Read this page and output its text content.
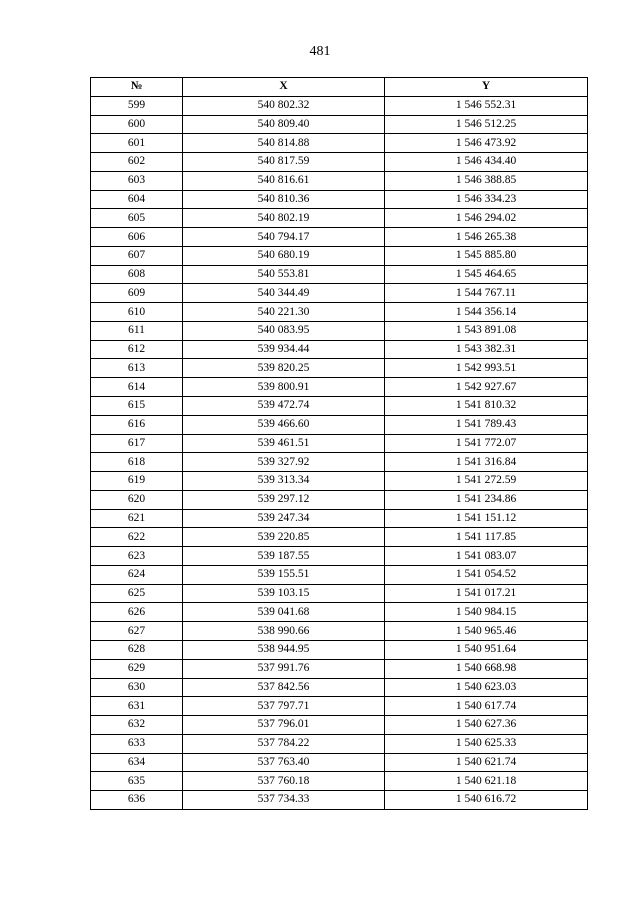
481
№	X	Y
599	540 802.32	1 546 552.31
600	540 809.40	1 546 512.25
601	540 814.88	1 546 473.92
602	540 817.59	1 546 434.40
603	540 816.61	1 546 388.85
604	540 810.36	1 546 334.23
605	540 802.19	1 546 294.02
606	540 794.17	1 546 265.38
607	540 680.19	1 545 885.80
608	540 553.81	1 545 464.65
609	540 344.49	1 544 767.11
610	540 221.30	1 544 356.14
611	540 083.95	1 543 891.08
612	539 934.44	1 543 382.31
613	539 820.25	1 542 993.51
614	539 800.91	1 542 927.67
615	539 472.74	1 541 810.32
616	539 466.60	1 541 789.43
617	539 461.51	1 541 772.07
618	539 327.92	1 541 316.84
619	539 313.34	1 541 272.59
620	539 297.12	1 541 234.86
621	539 247.34	1 541 151.12
622	539 220.85	1 541 117.85
623	539 187.55	1 541 083.07
624	539 155.51	1 541 054.52
625	539 103.15	1 541 017.21
626	539 041.68	1 540 984.15
627	538 990.66	1 540 965.46
628	538 944.95	1 540 951.64
629	537 991.76	1 540 668.98
630	537 842.56	1 540 623.03
631	537 797.71	1 540 617.74
632	537 796.01	1 540 627.36
633	537 784.22	1 540 625.33
634	537 763.40	1 540 621.74
635	537 760.18	1 540 621.18
636	537 734.33	1 540 616.72
